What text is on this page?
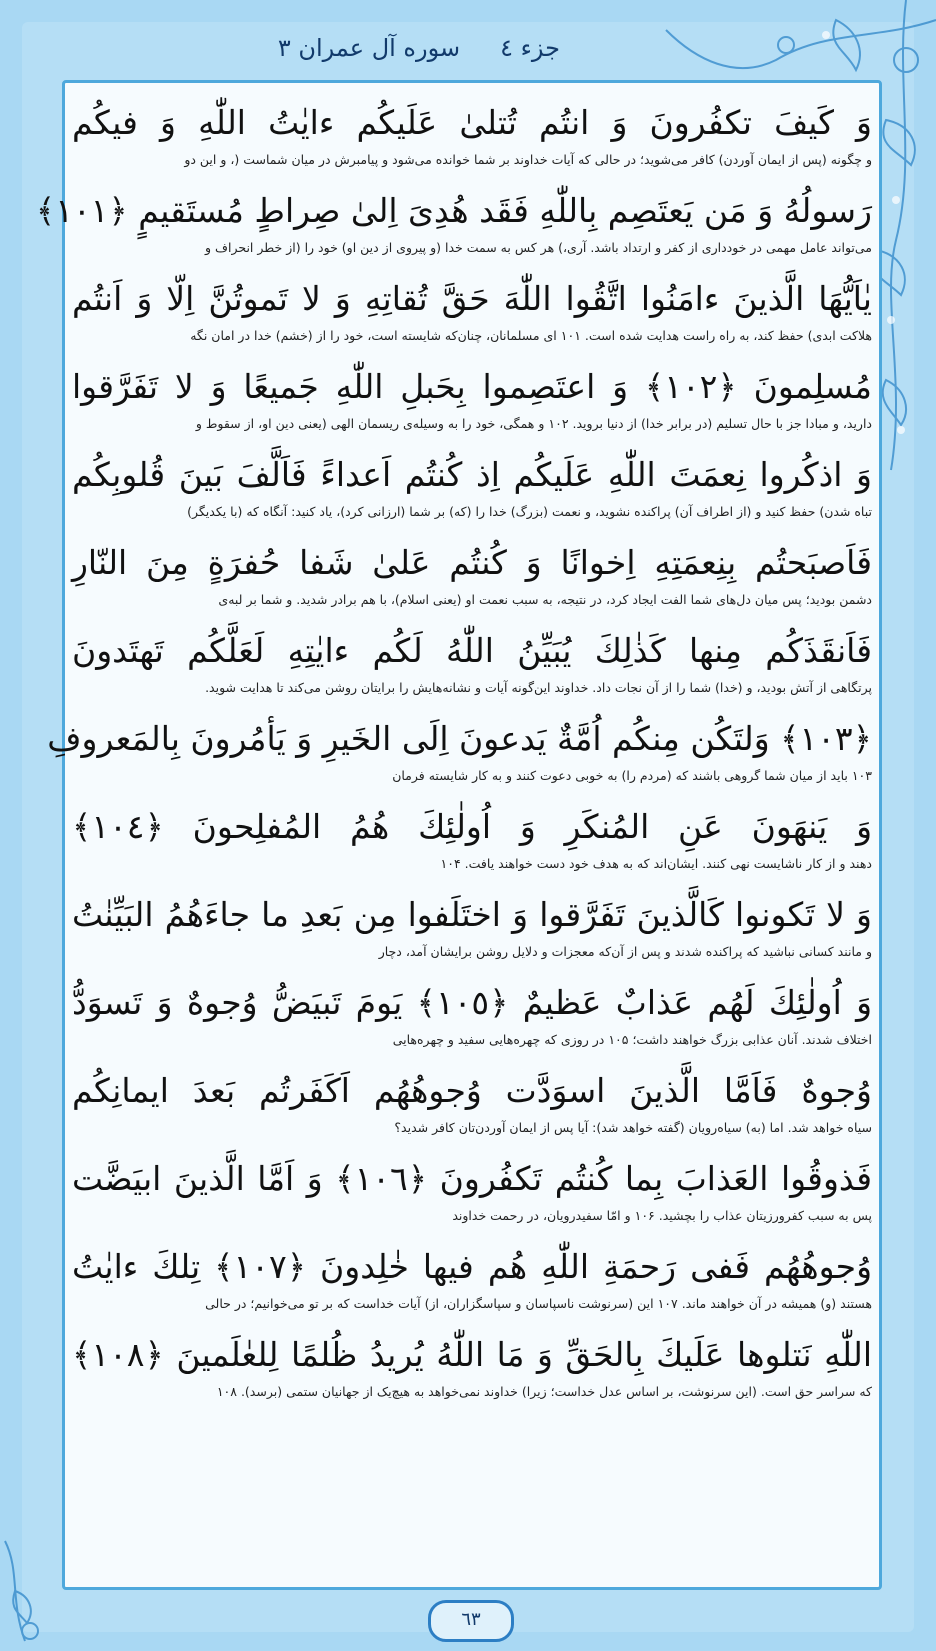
جزء ٤
سوره آل عمران ٣
وَ كَيفَ تكفُرونَ وَ انتُم تُتلىٰ عَلَيكُم ءايٰتُ اللّٰهِ وَ فيكُم
و چگونه (پس از ایمان آوردن) کافر می‌شوید؛ در حالی که آیات خداوند بر شما خوانده می‌شود و پیامبرش در میان شماست (، و این دو
رَسولُهُ وَ مَن يَعتَصِم بِاللّٰهِ فَقَد هُدِىَ اِلىٰ صِراطٍ مُستَقيمٍ ﴿١٠١﴾
می‌تواند عامل مهمی در خودداری از کفر و ارتداد باشد. آری،) هر کس به سمت خدا (و پیروی از دین او) خود را (از خطر انحراف و
يٰاَيُّهَا الَّذينَ ءامَنُوا اتَّقُوا اللّٰهَ حَقَّ تُقاتِهِ وَ لا تَموتُنَّ اِلّا وَ اَنتُم
هلاکت ابدی) حفظ کند، به راه راست هدایت شده است. ۱۰۱ ای مسلمانان، چنان‌که شایسته است، خود را از (خشم) خدا در امان نگه
مُسلِمونَ ﴿١٠٢﴾ وَ اعتَصِموا بِحَبلِ اللّٰهِ جَميعًا وَ لا تَفَرَّقوا
دارید، و مبادا جز با حال تسلیم (در برابر خدا) از دنیا بروید. ۱۰۲ و همگی، خود را به وسیله‌ی ریسمان الهی (یعنی دین او، از سقوط و
وَ اذكُروا نِعمَتَ اللّٰهِ عَلَيكُم اِذ كُنتُم اَعداءً فَاَلَّفَ بَينَ قُلوبِكُم
تباه شدن) حفظ کنید و (از اطراف آن) پراکنده نشوید، و نعمت (بزرگ) خدا را (که) بر شما (ارزانی کرد)، یاد کنید: آنگاه که (با یکدیگر)
فَاَصبَحتُم بِنِعمَتِهِ اِخوانًا وَ كُنتُم عَلىٰ شَفا حُفرَةٍ مِنَ النّارِ
دشمن بودید؛ پس میان دل‌های شما الفت ایجاد کرد، در نتیجه، به سبب نعمت او (یعنی اسلام)، با هم برادر شدید. و شما بر لبه‌ی
فَاَنقَذَكُم مِنها كَذٰلِكَ يُبَيِّنُ اللّٰهُ لَكُم ءايٰتِهِ لَعَلَّكُم تَهتَدونَ
پرتگاهی از آتش بودید، و (خدا) شما را از آن نجات داد. خداوند این‌گونه آیات و نشانه‌هایش را برایتان روشن می‌کند تا هدایت شوید.
﴿١٠٣﴾ وَلتَكُن مِنكُم اُمَّةٌ يَدعونَ اِلَى الخَيرِ وَ يَأمُرونَ بِالمَعروفِ
۱۰۳ باید از میان شما گروهی باشند که (مردم را) به خوبی دعوت کنند و به کار شایسته فرمان
وَ يَنهَونَ عَنِ المُنكَرِ وَ اُولٰئِكَ هُمُ المُفلِحونَ ﴿١٠٤﴾
دهند و از کار ناشایست نهی کنند. ایشان‌اند که به هدف خود دست خواهند یافت. ۱۰۴
وَ لا تَكونوا كَالَّذينَ تَفَرَّقوا وَ اختَلَفوا مِن بَعدِ ما جاءَهُمُ البَيِّنٰتُ
و مانند کسانی نباشید که پراکنده شدند و پس از آن‌که معجزات و دلایل روشن برایشان آمد، دچار
وَ اُولٰئِكَ لَهُم عَذابٌ عَظيمٌ ﴿١٠٥﴾ يَومَ تَبيَضُّ وُجوهٌ وَ تَسوَدُّ
اختلاف شدند. آنان عذابی بزرگ خواهند داشت؛ ۱۰۵ در روزی که چهره‌هایی سفید و چهره‌هایی
وُجوهٌ فَاَمَّا الَّذينَ اسوَدَّت وُجوهُهُم اَكَفَرتُم بَعدَ ايمانِكُم
سیاه خواهد شد. اما (به) سیاه‌رویان (گفته خواهد شد): آیا پس از ایمان آوردن‌تان کافر شدید؟
فَذوقُوا العَذابَ بِما كُنتُم تَكفُرونَ ﴿١٠٦﴾ وَ اَمَّا الَّذينَ ابيَضَّت
پس به سبب کفرورزیتان عذاب را بچشید. ۱۰۶ و امّا سفیدرویان، در رحمت خداوند
وُجوهُهُم فَفى رَحمَةِ اللّٰهِ هُم فيها خٰلِدونَ ﴿١٠٧﴾ تِلكَ ءايٰتُ
هستند (و) همیشه در آن خواهند ماند. ۱۰۷ این (سرنوشت ناسپاسان و سپاسگزاران، از) آیات خداست که بر تو می‌خوانیم؛ در حالی
اللّٰهِ نَتلوها عَلَيكَ بِالحَقِّ وَ مَا اللّٰهُ يُريدُ ظُلمًا لِلعٰلَمينَ ﴿١٠٨﴾
که سراسر حق است. (این سرنوشت، بر اساس عدل خداست؛ زیرا) خداوند نمی‌خواهد به هیچ‌یک از جهانیان ستمی (برسد). ۱۰۸
٦٣
